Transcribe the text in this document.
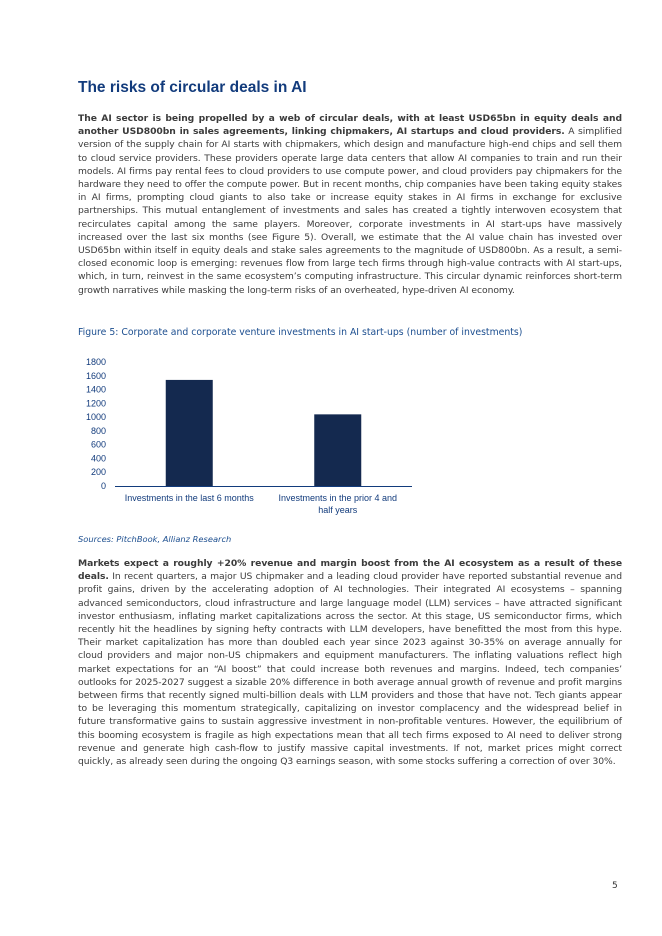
The risks of circular deals in AI

The AI sector is being propelled by a web of circular deals, with at least USD65bn in equity deals and another USD800bn in sales agreements, linking chipmakers, AI startups and cloud providers. A simplified version of the supply chain for AI starts with chipmakers, which design and manufacture high-end chips and sell them to cloud service providers. These providers operate large data centers that allow AI companies to train and run their models. AI firms pay rental fees to cloud providers to use compute power, and cloud providers pay chipmakers for the hardware they need to offer the compute power. But in recent months, chip companies have been taking equity stakes in AI firms, prompting cloud giants to also take or increase equity stakes in AI firms in exchange for exclusive partnerships. This mutual entanglement of investments and sales has created a tightly interwoven ecosystem that recirculates capital among the same players. Moreover, corporate investments in AI start-ups have massively increased over the last six months (see Figure 5). Overall, we estimate that the AI value chain has invested over USD65bn within itself in equity deals and stake sales agreements to the magnitude of USD800bn. As a result, a semi-closed economic loop is emerging: revenues flow from large tech firms through high-value contracts with AI start-ups, which, in turn, reinvest in the same ecosystem’s computing infrastructure. This circular dynamic reinforces short-term growth narratives while masking the long-term risks of an overheated, hype-driven AI economy.

Figure 5: Corporate and corporate venture investments in AI start-ups (number of investments)

0
200
400
600
800
1000
1200
1400
1600
1800
Investments in the last 6 months	Investments in the prior 4 and half years

Sources: PitchBook, Allianz Research

Markets expect a roughly +20% revenue and margin boost from the AI ecosystem as a result of these deals. In recent quarters, a major US chipmaker and a leading cloud provider have reported substantial revenue and profit gains, driven by the accelerating adoption of AI technologies. Their integrated AI ecosystems – spanning advanced semiconductors, cloud infrastructure and large language model (LLM) services – have attracted significant investor enthusiasm, inflating market capitalizations across the sector. At this stage, US semiconductor firms, which recently hit the headlines by signing hefty contracts with LLM developers, have benefitted the most from this hype. Their market capitalization has more than doubled each year since 2023 against 30-35% on average annually for cloud providers and major non-US chipmakers and equipment manufacturers. The inflating valuations reflect high market expectations for an “AI boost” that could increase both revenues and margins. Indeed, tech companies’ outlooks for 2025-2027 suggest a sizable 20% difference in both average annual growth of revenue and profit margins between firms that recently signed multi-billion deals with LLM providers and those that have not. Tech giants appear to be leveraging this momentum strategically, capitalizing on investor complacency and the widespread belief in future transformative gains to sustain aggressive investment in non-profitable ventures. However, the equilibrium of this booming ecosystem is fragile as high expectations mean that all tech firms exposed to AI need to deliver strong revenue and generate high cash-flow to justify massive capital investments. If not, market prices might correct quickly, as already seen during the ongoing Q3 earnings season, with some stocks suffering a correction of over 30%.

5
